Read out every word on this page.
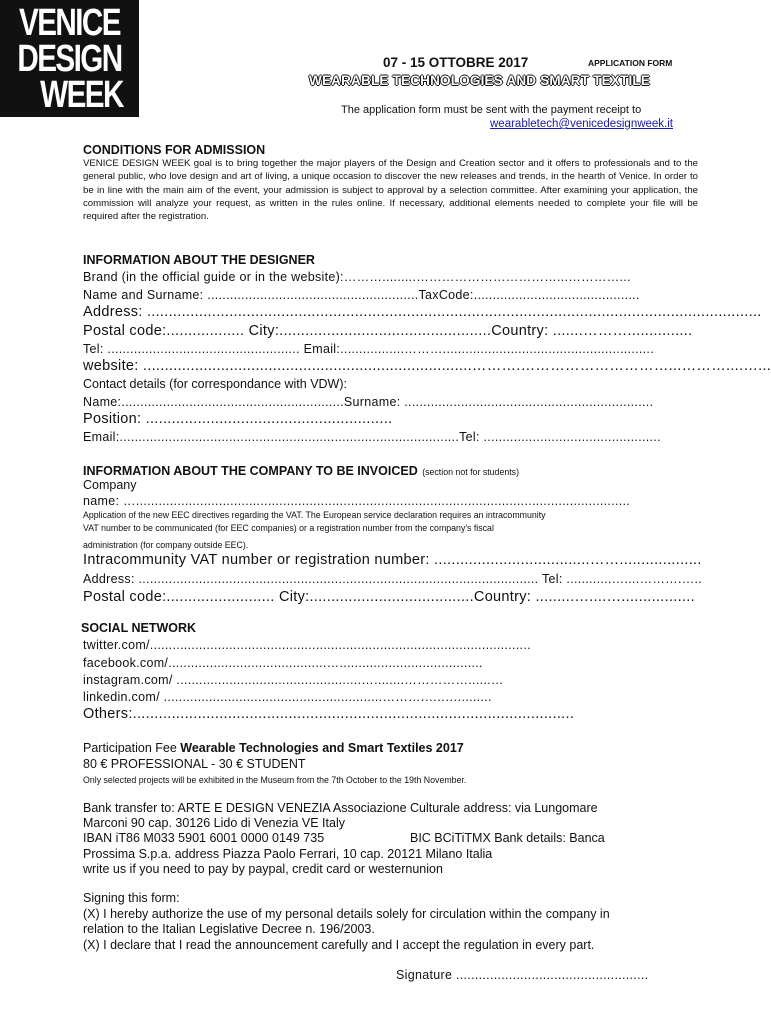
VENICE
DESIGN
WEEK
07 - 15 OTTOBRE 2017	APPLICATION FORM
WEARABLE TECHNOLOGIES AND SMART TEXTILE
The application form must be sent with the payment receipt to
wearabletech@venicedesignweek.it
CONDITIONS FOR ADMISSION
VENICE DESIGN WEEK goal is to bring together the major players of the Design and Creation sector and it offers to professionals and to the general public, who love design and art of living, a unique occasion to discover the new releases and trends, in the hearth of Venice. In order to be in line with the main aim of the event, your admission is subject to approval by a selection committee. After examining your application, the commission will analyze your request, as written in the rules online. If necessary, additional elements needed to complete your file will be required after the registration.
INFORMATION ABOUT THE DESIGNER
Brand (in the official guide or in the website):……….........……………………………...…………...
Name and Surname: ........................................................TaxCode:............................................
Address: ..............................................................................................................................................
Postal code:.................. City:.................................................Country: .......………...............
Tel: ................................................... Email:.................………........................................................
website: ............................................................................……….…………………………...………....…...
Contact details (for correspondance with VDW):
Name:...........................................................Surname: ..................................................................
Position: .........................................................
Email:..........................................................................................Tel: ...............................................
INFORMATION ABOUT THE COMPANY TO BE INVOICED (section not for students)
Company
name: …...................................................................................................................................
Application of the new EEC directives regarding the VAT. The European service declaration requires an intracommunity
VAT number to be communicated (for EEC companies) or a registration number from the company's fiscal
administration (for company outside EEC).
Intracommunity VAT number or registration number: ....................................……...................
Address: .......................................................................................................... Tel: ............…....……….…..
Postal code:......................... City:......................................Country: .........…....….................
SOCIAL NETWORK
twitter.com/.....................................................................................................
facebook.com/..........................................…......................................
instagram.com/ .................................................…........……………......…
linkedin.com/ ..........................................................……….…..….........
Others:......................................................................................................
Participation Fee Wearable Technologies and Smart Textiles 2017
80 € PROFESSIONAL - 30 € STUDENT
Only selected projects will be exhibited in the Museum from the 7th October to the 19th November.
Bank transfer to: ARTE E DESIGN VENEZIA Associazione Culturale address: via Lungomare
Marconi 90 cap. 30126 Lido di Venezia VE Italy
IBAN iT86 M033 5901 6001 0000 0149 735	BIC BCiTiTMX Bank details: Banca
Prossima S.p.a. address Piazza Paolo Ferrari, 10 cap. 20121 Milano Italia
write us if you need to pay by paypal, credit card or westernunion
Signing this form:
(X) I hereby authorize the use of my personal details solely for circulation within the company in
relation to the Italian Legislative Decree n. 196/2003.
(X) I declare that I read the announcement carefully and I accept the regulation in every part.
Signature ...................................................
